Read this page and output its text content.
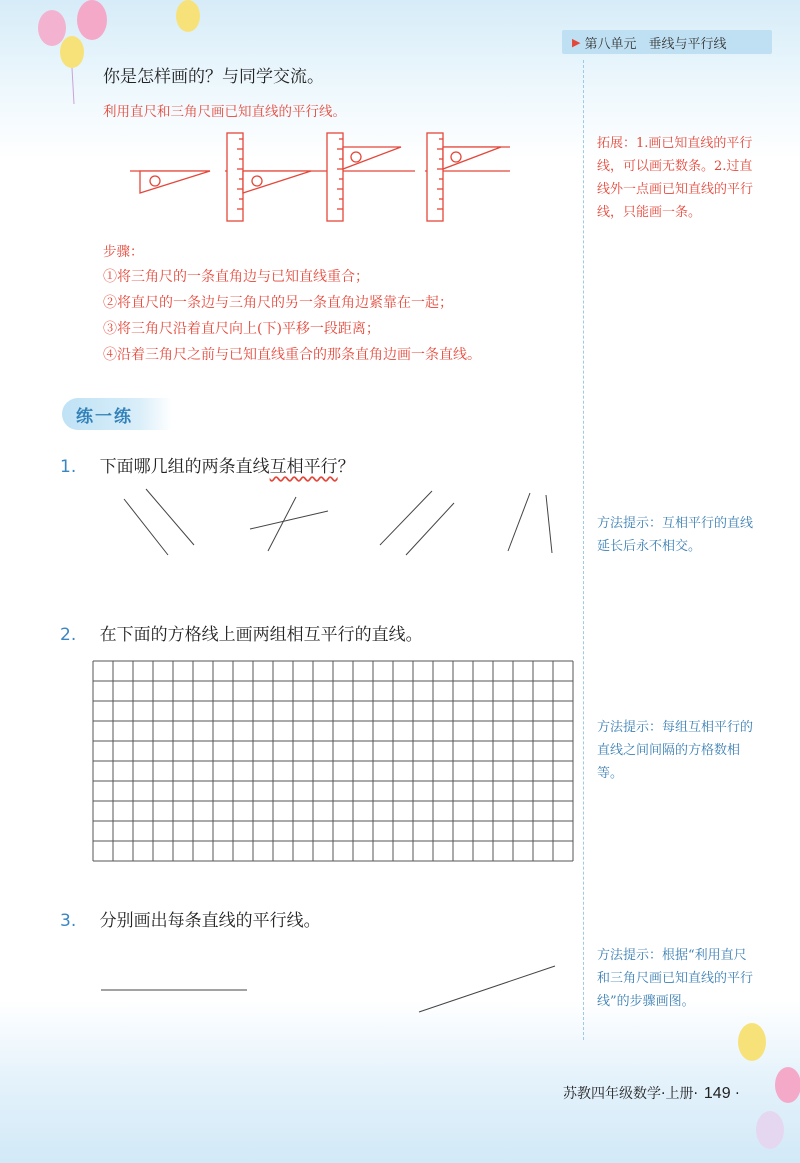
▶ 第八单元 垂线与平行线
你是怎样画的？与同学交流。
利用直尺和三角尺画已知直线的平行线。
步骤：
①将三角尺的一条直角边与已知直线重合；
②将直尺的一条边与三角尺的另一条直角边紧靠在一起；
③将三角尺沿着直尺向上(下)平移一段距离；
④沿着三角尺之前与已知直线重合的那条直角边画一条直线。
拓展：1.画已知直线的平行线，可以画无数条。2.过直线外一点画已知直线的平行线，只能画一条。
练一练
1. 下面哪几组的两条直线互相平行？
方法提示：互相平行的直线延长后永不相交。
2. 在下面的方格线上画两组相互平行的直线。
方法提示：每组互相平行的直线之间间隔的方格数相等。
3. 分别画出每条直线的平行线。
方法提示：根据“利用直尺和三角尺画已知直线的平行线”的步骤画图。
苏教四年级数学·上册· 149 ·
